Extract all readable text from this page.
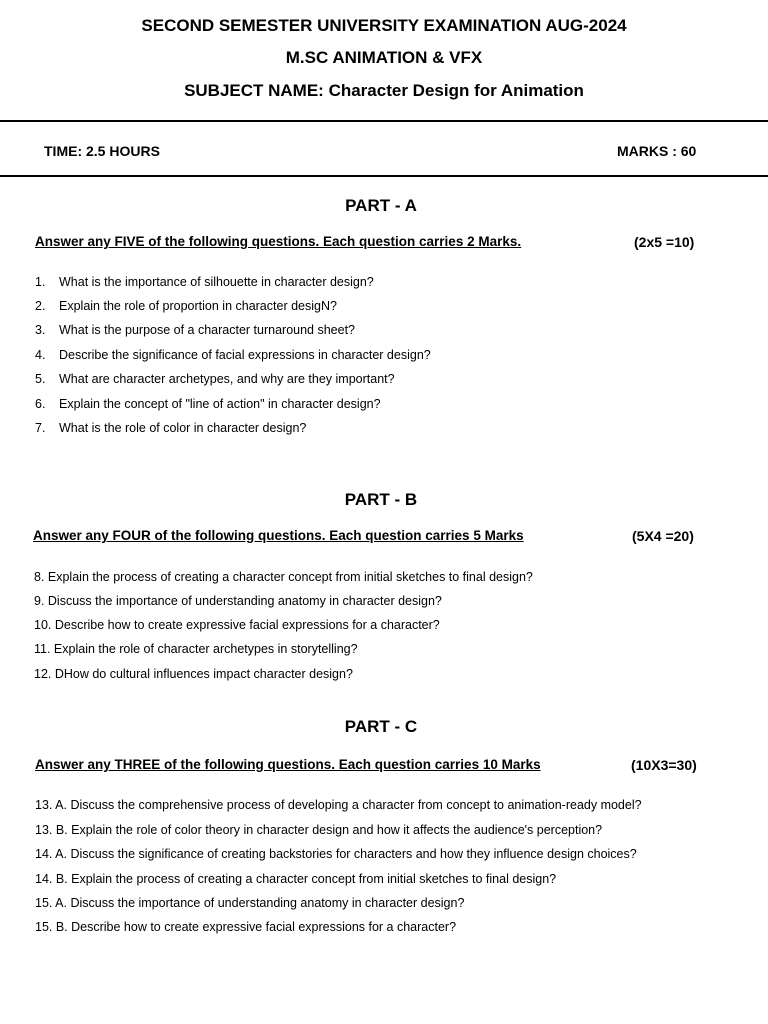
SECOND SEMESTER UNIVERSITY EXAMINATION AUG-2024
M.SC ANIMATION & VFX
SUBJECT NAME: Character Design for Animation
TIME: 2.5 HOURS	MARKS : 60
PART - A
Answer any FIVE of the following questions. Each question carries 2 Marks.	(2x5 =10)
1. What is the importance of silhouette in character design?
2. Explain the role of proportion in character desigN?
3. What is the purpose of a character turnaround sheet?
4. Describe the significance of facial expressions in character design?
5. What are character archetypes, and why are they important?
6. Explain the concept of "line of action" in character design?
7. What is the role of color in character design?
PART - B
Answer any FOUR of the following questions. Each question carries 5 Marks	(5X4 =20)
8. Explain the process of creating a character concept from initial sketches to final design?
9. Discuss the importance of understanding anatomy in character design?
10. Describe how to create expressive facial expressions for a character?
11. Explain the role of character archetypes in storytelling?
12. DHow do cultural influences impact character design?
PART - C
Answer any THREE of the following questions. Each question carries 10 Marks	(10X3=30)
13. A. Discuss the comprehensive process of developing a character from concept to animation-ready model?
13. B. Explain the role of color theory in character design and how it affects the audience's perception?
14. A. Discuss the significance of creating backstories for characters and how they influence design choices?
14. B. Explain the process of creating a character concept from initial sketches to final design?
15. A. Discuss the importance of understanding anatomy in character design?
15. B. Describe how to create expressive facial expressions for a character?
